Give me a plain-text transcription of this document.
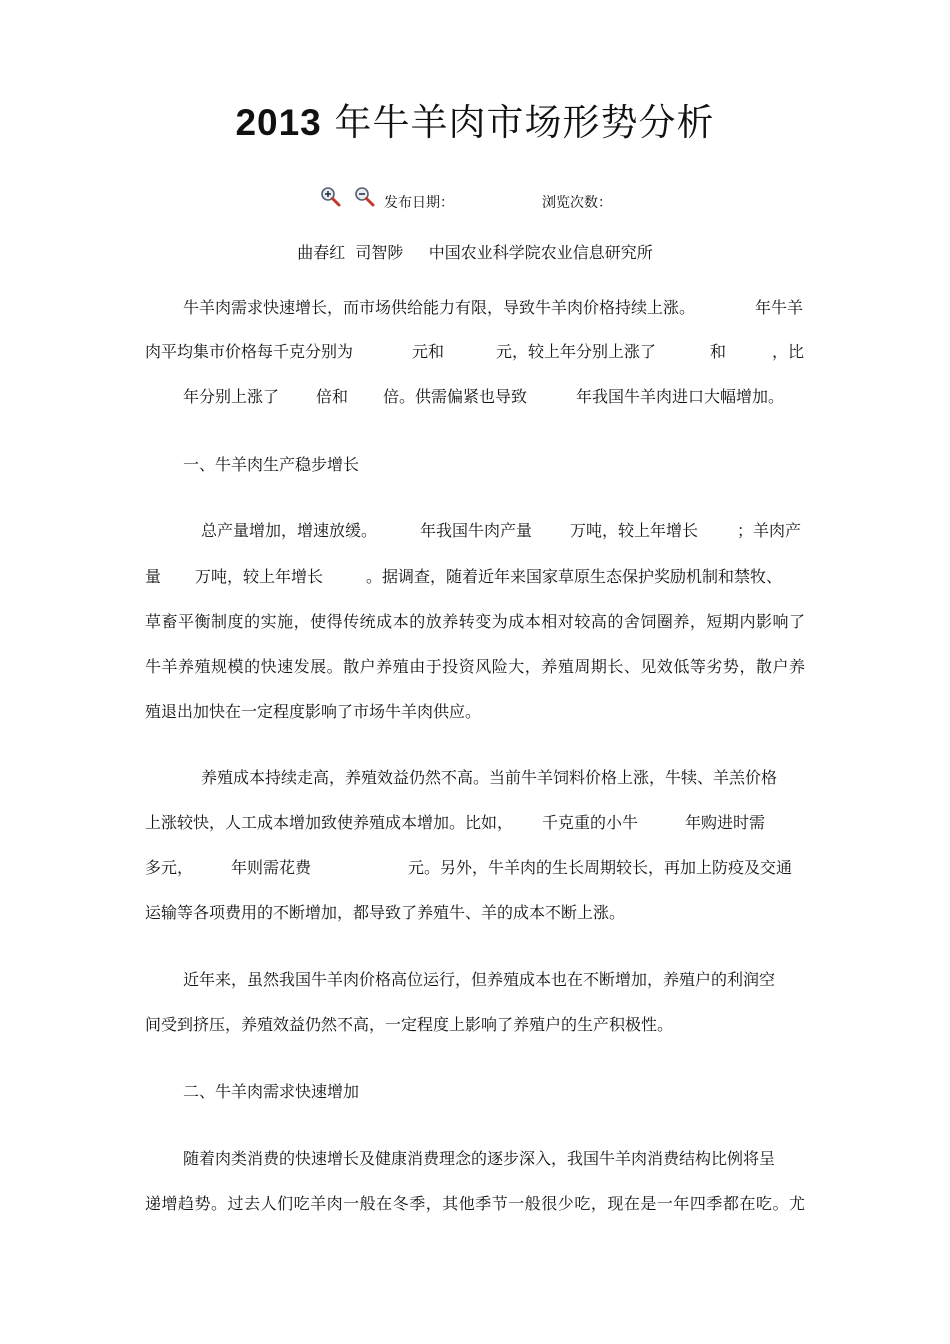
2013 年牛羊肉市场形势分析
发布日期：	浏览次数：
曲春红  司智陟     中国农业科学院农业信息研究所
牛羊肉需求快速增长，而市场供给能力有限，导致牛羊肉价格持续上涨。	年牛羊
肉平均集市价格每千克分别为	元和	元，较上年分别上涨了	和	，比
年分别上涨了 倍和 倍。供需偏紧也导致	年我国牛羊肉进口大幅增加。
一、牛羊肉生产稳步增长
总产量增加，增速放缓。	年我国牛肉产量 万吨，较上年增长 ；羊肉产
量 万吨，较上年增长	。据调查，随着近年来国家草原生态保护奖励机制和禁牧、
草畜平衡制度的实施，使得传统成本的放养转变为成本相对较高的舍饲圈养，短期内影响了
牛羊养殖规模的快速发展。散户养殖由于投资风险大，养殖周期长、见效低等劣势，散户养
殖退出加快在一定程度影响了市场牛羊肉供应。
养殖成本持续走高，养殖效益仍然不高。当前牛羊饲料价格上涨，牛犊、羊羔价格
上涨较快，人工成本增加致使养殖成本增加。比如， 千克重的小牛	年购进时需
多元， 年则需花费	元。另外，牛羊肉的生长周期较长，再加上防疫及交通
运输等各项费用的不断增加，都导致了养殖牛、羊的成本不断上涨。
近年来，虽然我国牛羊肉价格高位运行，但养殖成本也在不断增加，养殖户的利润空
间受到挤压，养殖效益仍然不高，一定程度上影响了养殖户的生产积极性。
二、牛羊肉需求快速增加
随着肉类消费的快速增长及健康消费理念的逐步深入，我国牛羊肉消费结构比例将呈
递增趋势。过去人们吃羊肉一般在冬季，其他季节一般很少吃，现在是一年四季都在吃。尤
